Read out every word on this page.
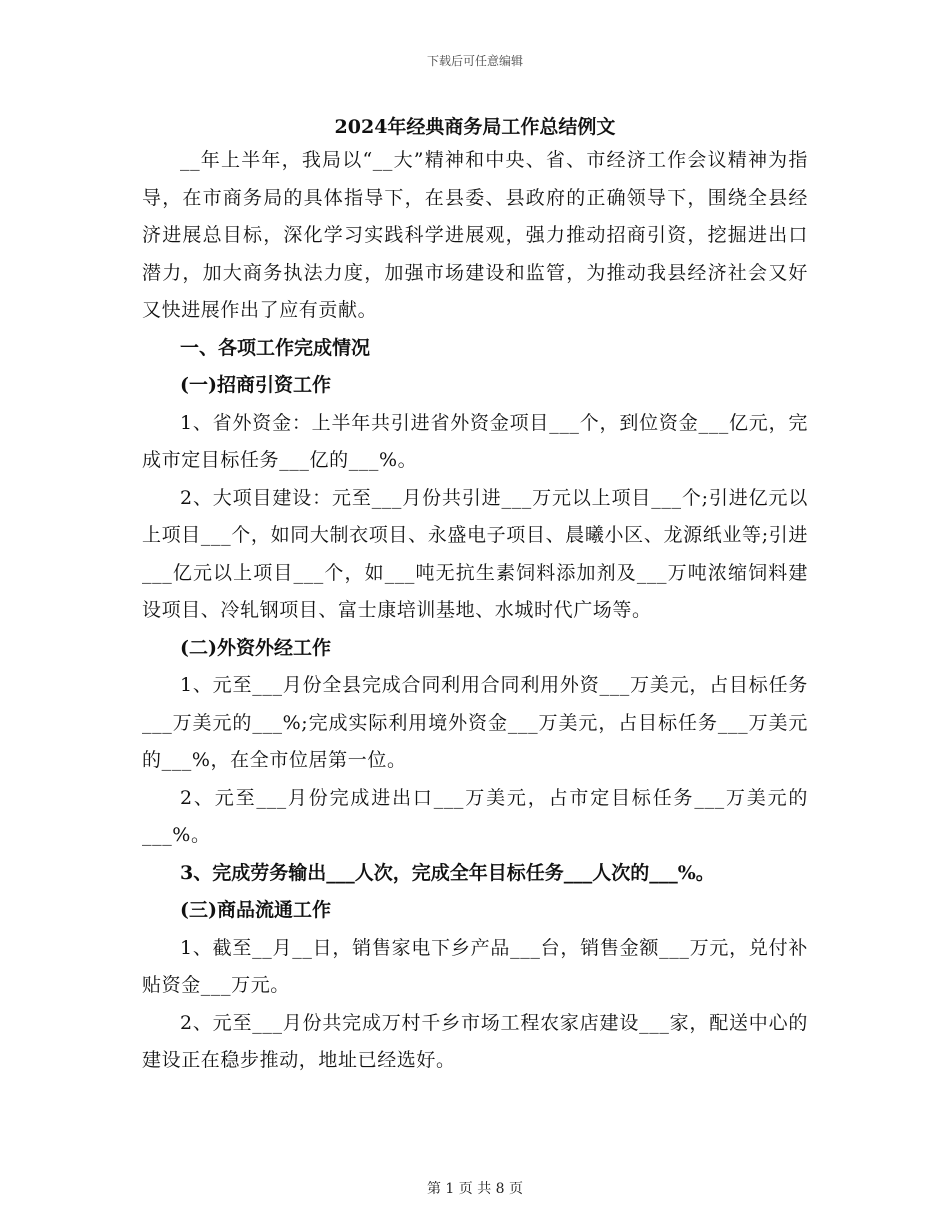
下载后可任意编辑
2024年经典商务局工作总结例文

__年上半年，我局以“__大”精神和中央、省、市经济工作会议精神为指导，在市商务局的具体指导下，在县委、县政府的正确领导下，围绕全县经济进展总目标，深化学习实践科学进展观，强力推动招商引资，挖掘进出口潜力，加大商务执法力度，加强市场建设和监管，为推动我县经济社会又好又快进展作出了应有贡献。

一、各项工作完成情况

(一)招商引资工作

1、省外资金：上半年共引进省外资金项目___个，到位资金___亿元，完成市定目标任务___亿的___%。

2、大项目建设：元至___月份共引进___万元以上项目___个;引进亿元以上项目___个，如同大制衣项目、永盛电子项目、晨曦小区、龙源纸业等;引进___亿元以上项目___个，如___吨无抗生素饲料添加剂及___万吨浓缩饲料建设项目、冷轧钢项目、富士康培训基地、水城时代广场等。

(二)外资外经工作

1、元至___月份全县完成合同利用合同利用外资___万美元，占目标任务___万美元的___%;完成实际利用境外资金___万美元，占目标任务___万美元的___%，在全市位居第一位。

2、元至___月份完成进出口___万美元，占市定目标任务___万美元的___%。

3、完成劳务输出___人次，完成全年目标任务___人次的___%。

(三)商品流通工作

1、截至__月__日，销售家电下乡产品___台，销售金额___万元，兑付补贴资金___万元。

2、元至___月份共完成万村千乡市场工程农家店建设___家，配送中心的建设正在稳步推动，地址已经选好。

第 1 页 共 8 页
